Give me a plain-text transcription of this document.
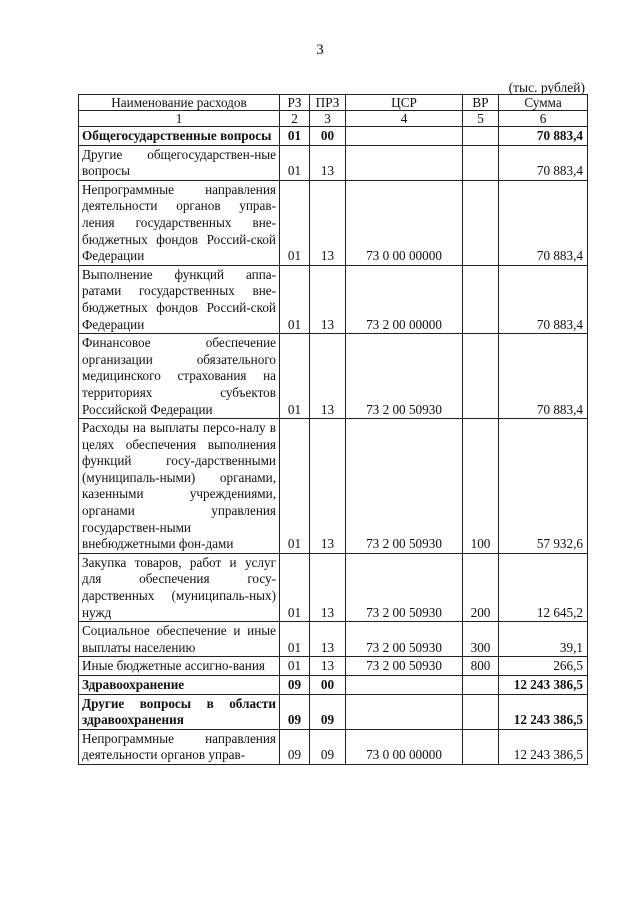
3
(тыс. рублей)
Наименование расходов	РЗ	ПРЗ	ЦСР	ВР	Сумма
1	2	3	4	5	6
Общегосударственные вопросы	01	00			70 883,4
Другие общегосударствен-ные вопросы	01	13			70 883,4
Непрограммные направления деятельности органов управ-ления государственных вне-бюджетных фондов Россий-ской Федерации	01	13	73 0 00 00000		70 883,4
Выполнение функций аппа-ратами государственных вне-бюджетных фондов Россий-ской Федерации	01	13	73 2 00 00000		70 883,4
Финансовое обеспечение организации обязательного медицинского страхования на территориях субъектов Российской Федерации	01	13	73 2 00 50930		70 883,4
Расходы на выплаты персо-налу в целях обеспечения выполнения функций госу-дарственными (муниципаль-ными) органами, казенными учреждениями, органами управления государствен-ными внебюджетными фон-дами	01	13	73 2 00 50930	100	57 932,6
Закупка товаров, работ и услуг для обеспечения госу-дарственных (муниципаль-ных) нужд	01	13	73 2 00 50930	200	12 645,2
Социальное обеспечение и иные выплаты населению	01	13	73 2 00 50930	300	39,1
Иные бюджетные ассигно-вания	01	13	73 2 00 50930	800	266,5
Здравоохранение	09	00			12 243 386,5
Другие вопросы в области здравоохранения	09	09			12 243 386,5
Непрограммные направления деятельности органов управ-	09	09	73 0 00 00000		12 243 386,5
